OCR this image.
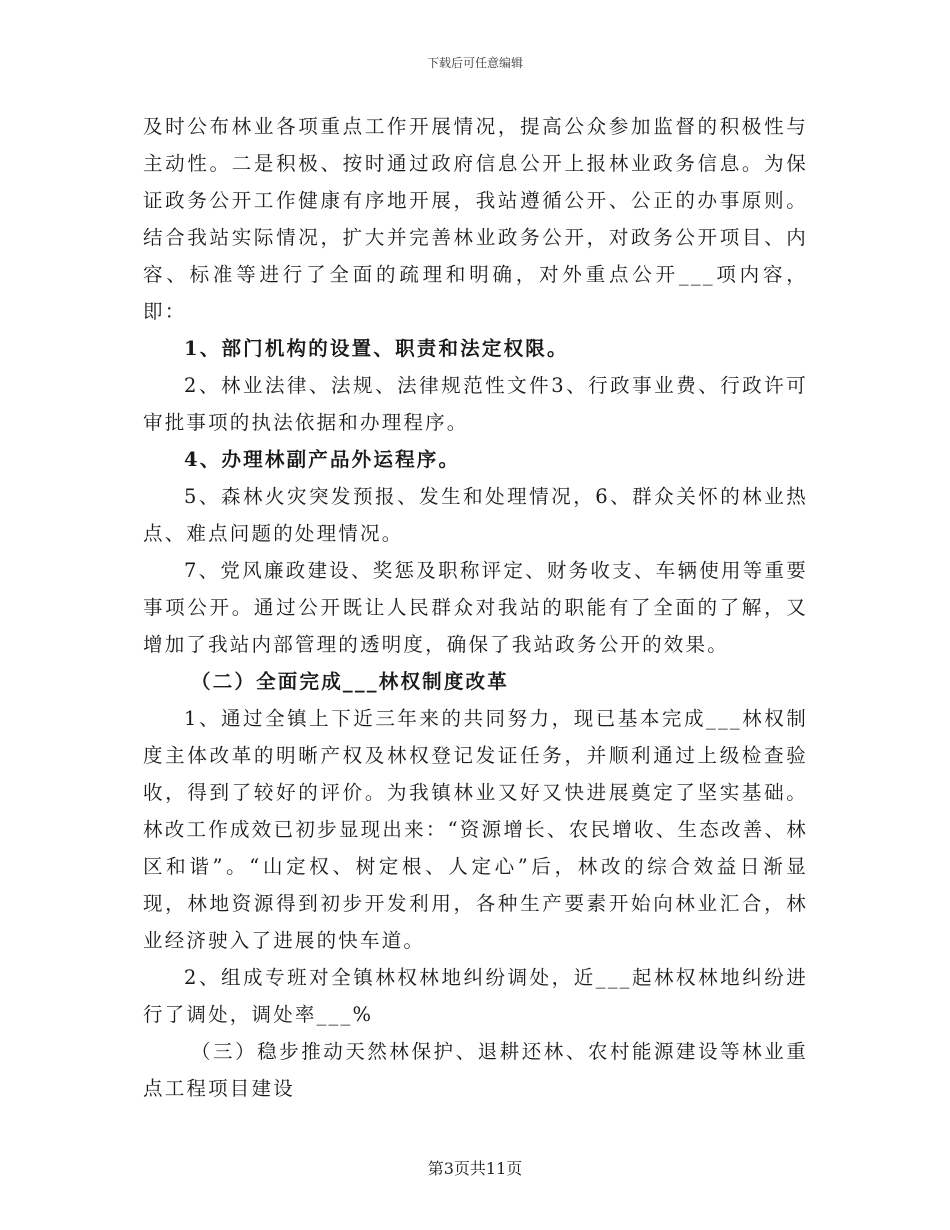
下载后可任意编辑

及时公布林业各项重点工作开展情况，提高公众参加监督的积极性与主动性。二是积极、按时通过政府信息公开上报林业政务信息。为保证政务公开工作健康有序地开展，我站遵循公开、公正的办事原则。结合我站实际情况，扩大并完善林业政务公开，对政务公开项目、内容、标准等进行了全面的疏理和明确，对外重点公开___项内容，即：

1、部门机构的设置、职责和法定权限。

2、林业法律、法规、法律规范性文件3、行政事业费、行政许可审批事项的执法依据和办理程序。

4、办理林副产品外运程序。

5、森林火灾突发预报、发生和处理情况，6、群众关怀的林业热点、难点问题的处理情况。

7、党风廉政建设、奖惩及职称评定、财务收支、车辆使用等重要事项公开。通过公开既让人民群众对我站的职能有了全面的了解，又增加了我站内部管理的透明度，确保了我站政务公开的效果。

（二）全面完成___林权制度改革

1、通过全镇上下近三年来的共同努力，现已基本完成___林权制度主体改革的明晰产权及林权登记发证任务，并顺利通过上级检查验收，得到了较好的评价。为我镇林业又好又快进展奠定了坚实基础。林改工作成效已初步显现出来：“资源增长、农民增收、生态改善、林区和谐”。“山定权、树定根、人定心”后，林改的综合效益日渐显现，林地资源得到初步开发利用，各种生产要素开始向林业汇合，林业经济驶入了进展的快车道。

2、组成专班对全镇林权林地纠纷调处，近___起林权林地纠纷进行了调处，调处率___%

（三）稳步推动天然林保护、退耕还林、农村能源建设等林业重点工程项目建设

第3页共11页
